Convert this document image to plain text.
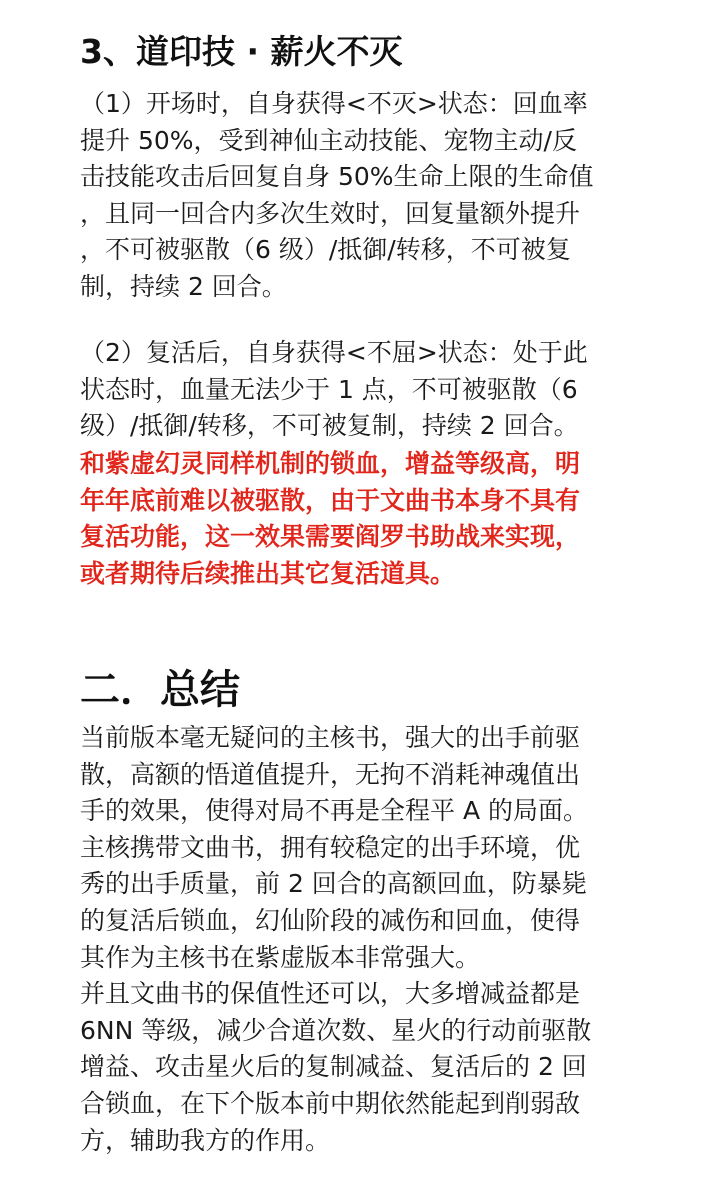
3、道印技 · 薪火不灭

（1）开场时，自身获得<不灭>状态：回血率
提升 50%，受到神仙主动技能、宠物主动/反
击技能攻击后回复自身 50%生命上限的生命值
，且同一回合内多次生效时，回复量额外提升
，不可被驱散（6 级）/抵御/转移，不可被复
制，持续 2 回合。

（2）复活后，自身获得<不屈>状态：处于此
状态时，血量无法少于 1 点，不可被驱散（6
级）/抵御/转移，不可被复制，持续 2 回合。

和紫虚幻灵同样机制的锁血，增益等级高，明
年年底前难以被驱散，由于文曲书本身不具有
复活功能，这一效果需要阎罗书助战来实现，
或者期待后续推出其它复活道具。

二．总结

当前版本毫无疑问的主核书，强大的出手前驱
散，高额的悟道值提升，无拘不消耗神魂值出
手的效果，使得对局不再是全程平 A 的局面。
主核携带文曲书，拥有较稳定的出手环境，优
秀的出手质量，前 2 回合的高额回血，防暴毙
的复活后锁血，幻仙阶段的减伤和回血，使得
其作为主核书在紫虚版本非常强大。
并且文曲书的保值性还可以，大多增减益都是
6NN 等级，减少合道次数、星火的行动前驱散
增益、攻击星火后的复制减益、复活后的 2 回
合锁血，在下个版本前中期依然能起到削弱敌
方，辅助我方的作用。
